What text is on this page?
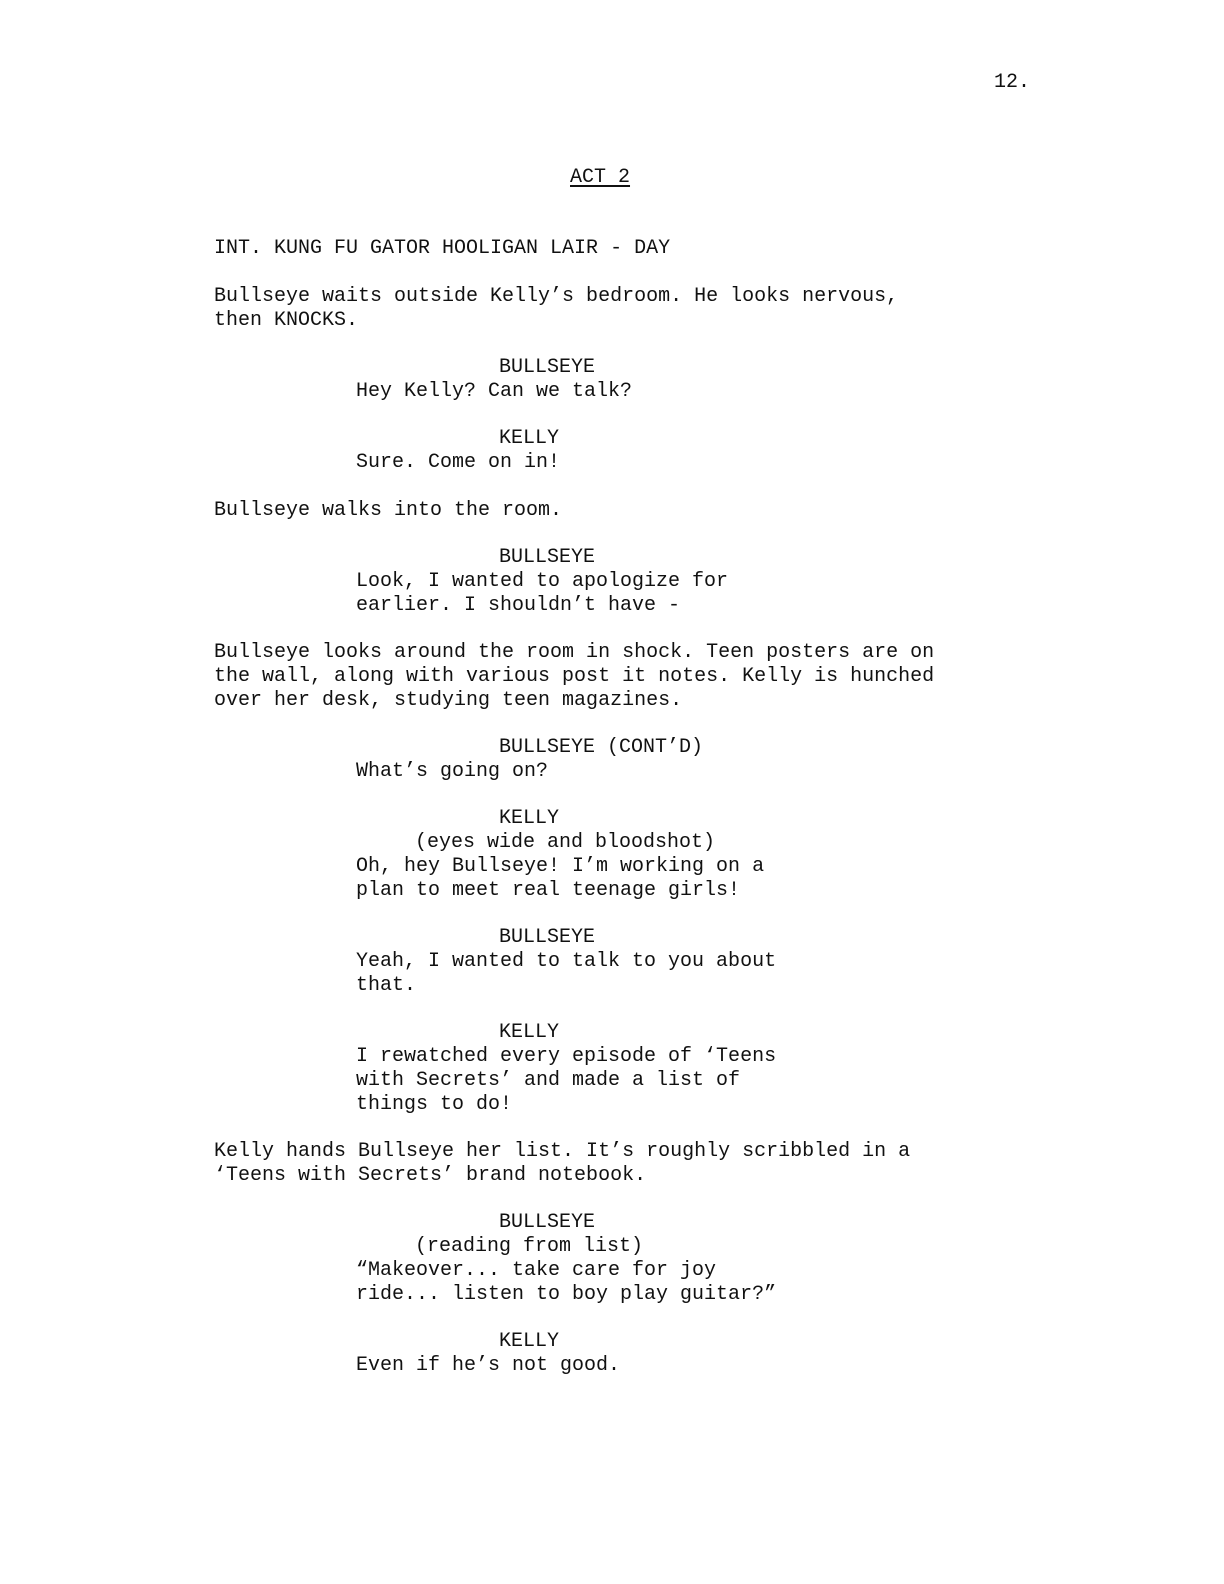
12.
ACT 2
INT. KUNG FU GATOR HOOLIGAN LAIR - DAY
Bullseye waits outside Kelly’s bedroom. He looks nervous,
then KNOCKS.
BULLSEYE
Hey Kelly? Can we talk?
KELLY
Sure. Come on in!
Bullseye walks into the room.
BULLSEYE
Look, I wanted to apologize for
earlier. I shouldn’t have -
Bullseye looks around the room in shock. Teen posters are on
the wall, along with various post it notes. Kelly is hunched
over her desk, studying teen magazines.
BULLSEYE (CONT’D)
What’s going on?
KELLY
(eyes wide and bloodshot)
Oh, hey Bullseye! I’m working on a
plan to meet real teenage girls!
BULLSEYE
Yeah, I wanted to talk to you about
that.
KELLY
I rewatched every episode of ‘Teens
with Secrets’ and made a list of
things to do!
Kelly hands Bullseye her list. It’s roughly scribbled in a
‘Teens with Secrets’ brand notebook.
BULLSEYE
(reading from list)
“Makeover... take care for joy
ride... listen to boy play guitar?”
KELLY
Even if he’s not good.
